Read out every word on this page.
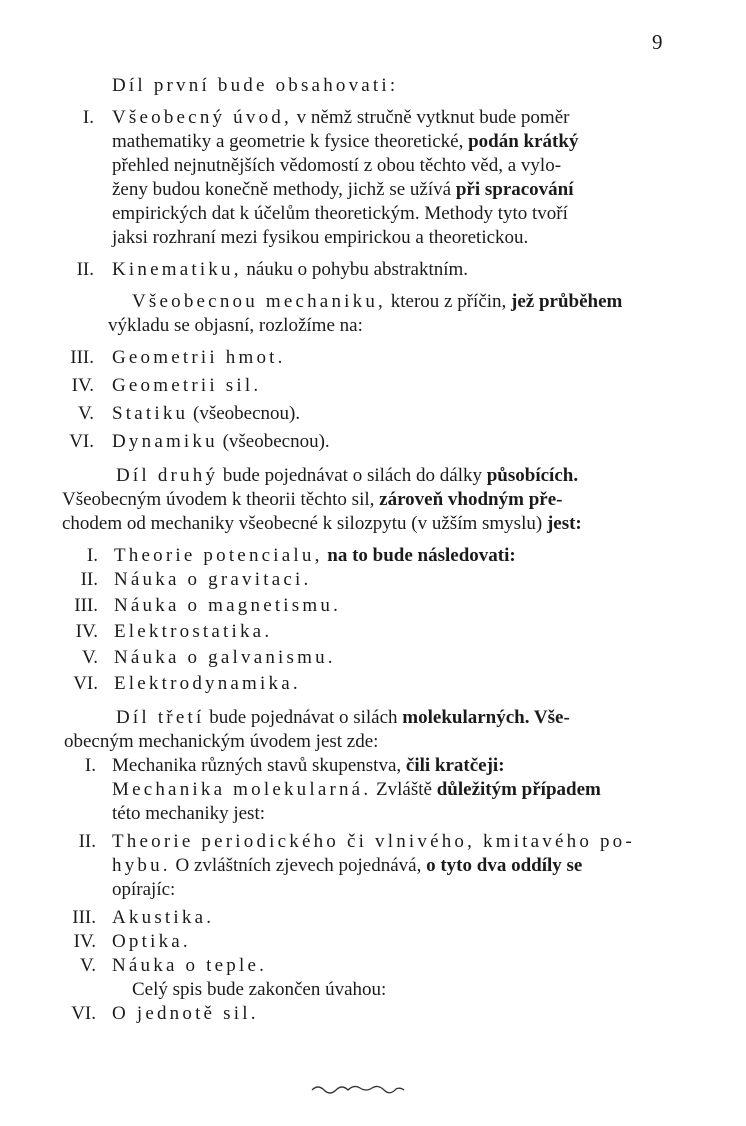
9
Díl první bude obsahovati:
I. Všeobecný úvod, v němž stručně vytknut bude poměr
mathematiky a geometrie k fysice theoretické, podán krátký
přehled nejnutnějších vědomostí z obou těchto věd, a vylo-
ženy budou konečně methody, jichž se užívá při spracování
empirických dat k účelům theoretickým. Methody tyto tvoří
jaksi rozhraní mezi fysikou empirickou a theoretickou.
II. Kinematiku, náuku o pohybu abstraktním.
Všeobecnou mechaniku, kterou z příčin, jež průběhem
výkladu se objasní, rozložíme na:
III. Geometrii hmot.
IV. Geometrii sil.
V. Statiku (všeobecnou).
VI. Dynamiku (všeobecnou).
Díl druhý bude pojednávat o silách do dálky působících.
Všeobecným úvodem k theorii těchto sil, zároveň vhodným pře-
chodem od mechaniky všeobecné k silozpytu (v užším smyslu) jest:
I. Theorie potencialu, na to bude následovati:
II. Náuka o gravitaci.
III. Náuka o magnetismu.
IV. Elektrostatika.
V. Náuka o galvanismu.
VI. Elektrodynamika.
Díl třetí bude pojednávat o silách molekularných. Vše-
obecným mechanickým úvodem jest zde:
I. Mechanika různých stavů skupenstva, čili kratčeji:
Mechanika molekularná. Zvláště důležitým případem
této mechaniky jest:
II. Theorie periodického či vlnivého, kmitavého po-
hybu. O zvláštních zjevech pojednává, o tyto dva oddíly se
opírajíc:
III. Akustika.
IV. Optika.
V. Náuka o teple.
Celý spis bude zakončen úvahou:
VI. O jednotě sil.
